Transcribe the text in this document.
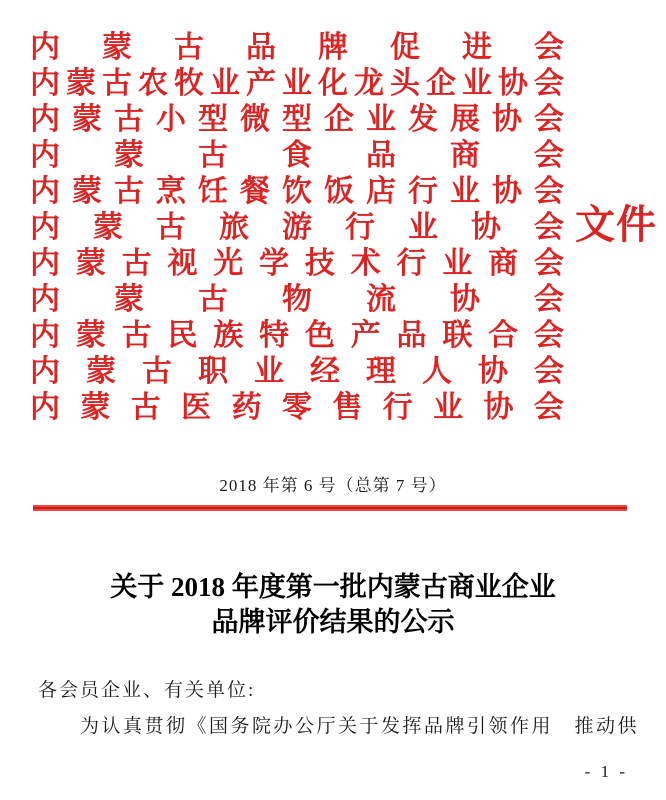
内 蒙 古 品 牌 促 进 会
内 蒙 古 农 牧 业 产 业 化 龙 头 企 业 协 会
内 蒙 古 小 型 微 型 企 业 发 展 协 会
内 蒙 古 食 品 商 会
内 蒙 古 烹 饪 餐 饮 饭 店 行 业 协 会
内 蒙 古 旅 游 行 业 协 会
内 蒙 古 视 光 学 技 术 行 业 商 会
内 蒙 古 物 流 协 会
内 蒙 古 民 族 特 色 产 品 联 合 会
内 蒙 古 职 业 经 理 人 协 会
内 蒙 古 医 药 零 售 行 业 协 会
文件
2018 年第 6 号（总第 7 号）
关于 2018 年度第一批内蒙古商业企业
品牌评价结果的公示

各会员企业、有关单位:

为认真贯彻《国务院办公厅关于发挥品牌引领作用　推动供

- 1 -
